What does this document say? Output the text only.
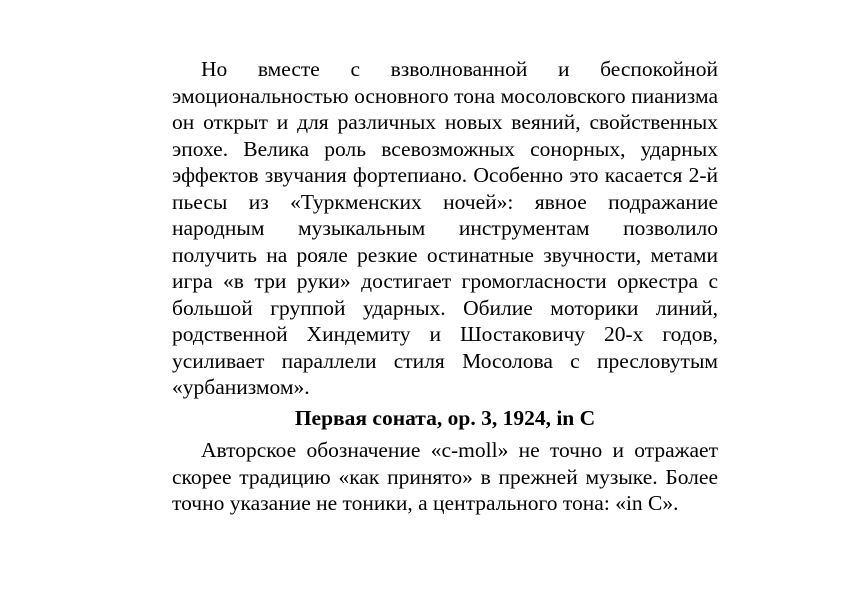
Но вместе с взволнованной и беспокойной эмоциональностью основного тона мосоловского пианизма он открыт и для различных новых веяний, свойственных эпохе. Велика роль всевозможных сонорных, ударных эффектов звучания фортепиано. Особенно это касается 2-й пьесы из «Туркменских ночей»: явное подражание народным музыкальным инструментам позволило получить на рояле резкие остинатные звучности, метами игра «в три руки» достигает громогласности оркестра с большой группой ударных. Обилие моторики линий, родственной Хиндемиту и Шостаковичу 20-х годов, усиливает параллели стиля Мосолова с пресловутым «урбанизмом».

Первая соната, ор. 3, 1924, in C

Авторское обозначение «c-moll» не точно и отражает скорее традицию «как принято» в прежней музыке. Более точно указание не тоники, а центрального тона: «in C».
